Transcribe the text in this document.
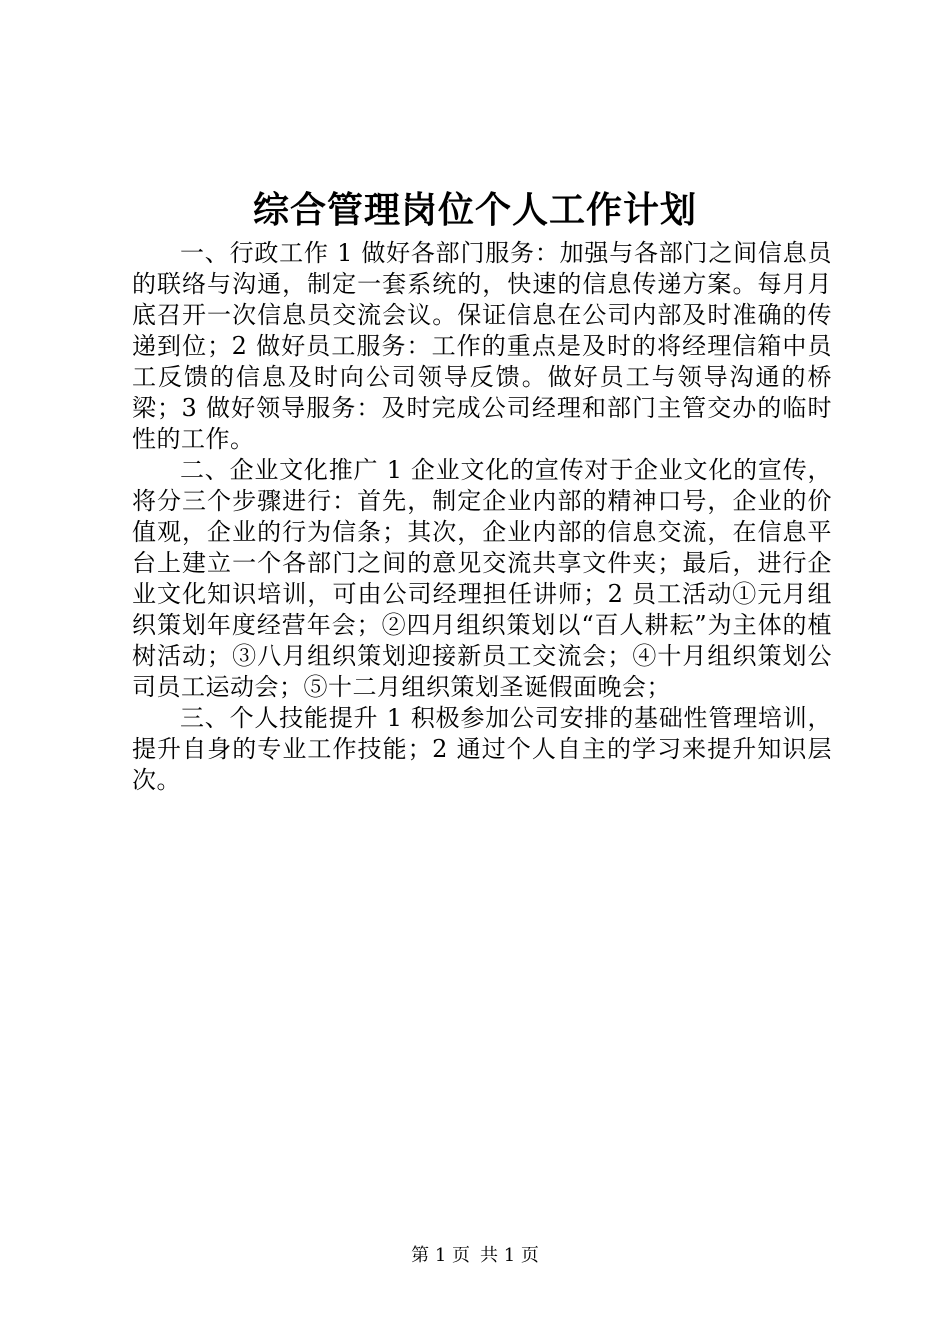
综合管理岗位个人工作计划

一、行政工作 1 做好各部门服务：加强与各部门之间信息员的联络与沟通，制定一套系统的，快速的信息传递方案。每月月底召开一次信息员交流会议。保证信息在公司内部及时准确的传递到位；2 做好员工服务：工作的重点是及时的将经理信箱中员工反馈的信息及时向公司领导反馈。做好员工与领导沟通的桥梁；3 做好领导服务：及时完成公司经理和部门主管交办的临时性的工作。

二、企业文化推广 1 企业文化的宣传对于企业文化的宣传，将分三个步骤进行：首先，制定企业内部的精神口号，企业的价值观，企业的行为信条；其次，企业内部的信息交流，在信息平台上建立一个各部门之间的意见交流共享文件夹；最后，进行企业文化知识培训，可由公司经理担任讲师；2 员工活动①元月组织策划年度经营年会；②四月组织策划以“百人耕耘”为主体的植树活动；③八月组织策划迎接新员工交流会；④十月组织策划公司员工运动会；⑤十二月组织策划圣诞假面晚会；

三、个人技能提升 1 积极参加公司安排的基础性管理培训，提升自身的专业工作技能；2 通过个人自主的学习来提升知识层次。

第 1 页 共 1 页
